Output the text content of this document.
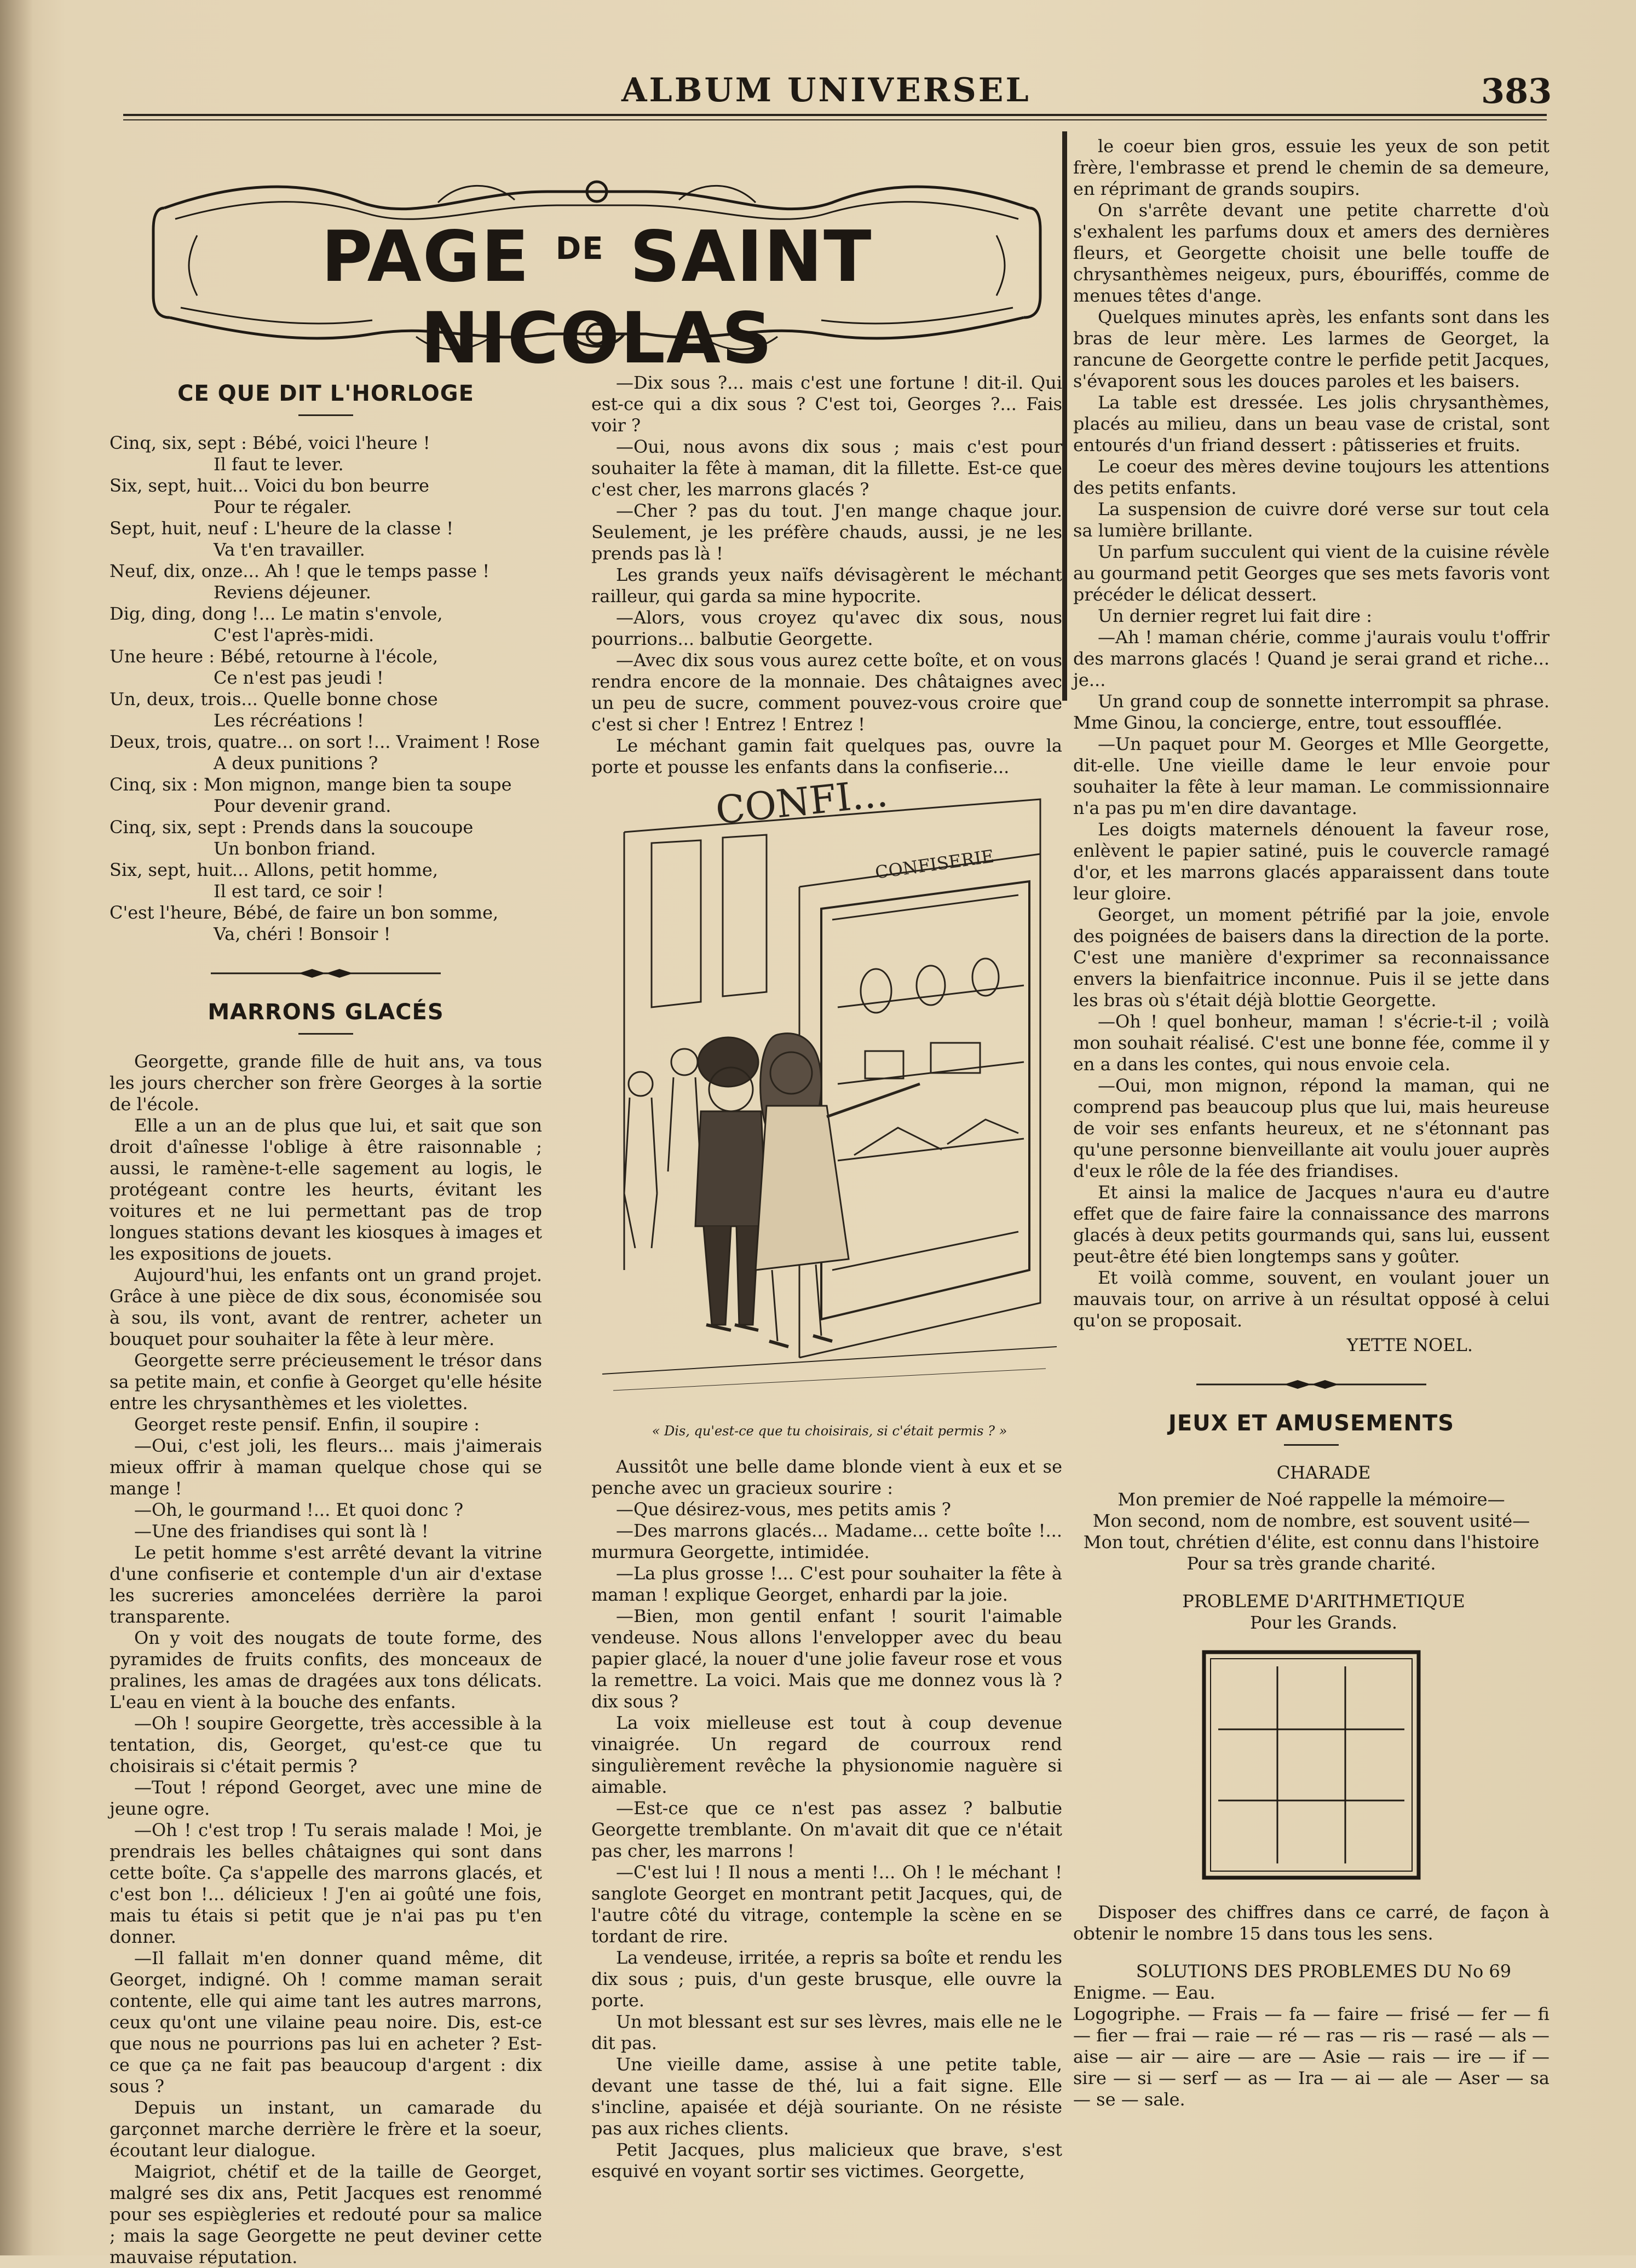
ALBUM UNIVERSEL	383
PAGE $^{DE}$ SAINT NICOLAS
CE QUE DIT L'HORLOGE

Cinq, six, sept : Bébé, voici l'heure !

Il faut te lever.

Six, sept, huit... Voici du bon beurre

Pour te régaler.

Sept, huit, neuf : L'heure de la classe !

Va t'en travailler.

Neuf, dix, onze... Ah ! que le temps passe !

Reviens déjeuner.

Dig, ding, dong !... Le matin s'envole,

C'est l'après-midi.

Une heure : Bébé, retourne à l'école,

Ce n'est pas jeudi !

Un, deux, trois... Quelle bonne chose

Les récréations !

Deux, trois, quatre... on sort !... Vraiment ! Rose

A deux punitions ?

Cinq, six : Mon mignon, mange bien ta soupe

Pour devenir grand.

Cinq, six, sept : Prends dans la soucoupe

Un bonbon friand.

Six, sept, huit... Allons, petit homme,

Il est tard, ce soir !

C'est l'heure, Bébé, de faire un bon somme,

Va, chéri ! Bonsoir !

MARRONS GLACÉS

Georgette, grande fille de huit ans, va tous les jours chercher son frère Georges à la sortie de l'école.

Elle a un an de plus que lui, et sait que son droit d'aînesse l'oblige à être raisonnable ; aussi, le ramène-t-elle sagement au logis, le protégeant contre les heurts, évitant les voitures et ne lui permettant pas de trop longues stations devant les kiosques à images et les expositions de jouets.

Aujourd'hui, les enfants ont un grand projet. Grâce à une pièce de dix sous, économisée sou à sou, ils vont, avant de rentrer, acheter un bouquet pour souhaiter la fête à leur mère.

Georgette serre précieusement le trésor dans sa petite main, et confie à Georget qu'elle hésite entre les chrysanthèmes et les violettes.

Georget reste pensif. Enfin, il soupire :

—Oui, c'est joli, les fleurs... mais j'aimerais mieux offrir à maman quelque chose qui se mange !

—Oh, le gourmand !... Et quoi donc ?

—Une des friandises qui sont là !

Le petit homme s'est arrêté devant la vitrine d'une confiserie et contemple d'un air d'extase les sucreries amoncelées derrière la paroi transparente.

On y voit des nougats de toute forme, des pyramides de fruits confits, des monceaux de pralines, les amas de dragées aux tons délicats. L'eau en vient à la bouche des enfants.

—Oh ! soupire Georgette, très accessible à la tentation, dis, Georget, qu'est-ce que tu choisirais si c'était permis ?

—Tout ! répond Georget, avec une mine de jeune ogre.

—Oh ! c'est trop ! Tu serais malade ! Moi, je prendrais les belles châtaignes qui sont dans cette boîte. Ça s'appelle des marrons glacés, et c'est bon !... délicieux ! J'en ai goûté une fois, mais tu étais si petit que je n'ai pas pu t'en donner.

—Il fallait m'en donner quand même, dit Georget, indigné. Oh ! comme maman serait contente, elle qui aime tant les autres marrons, ceux qu'ont une vilaine peau noire. Dis, est-ce que nous ne pourrions pas lui en acheter ? Est-ce que ça ne fait pas beaucoup d'argent : dix sous ?

Depuis un instant, un camarade du garçonnet marche derrière le frère et la soeur, écoutant leur dialogue.

Maigriot, chétif et de la taille de Georget, malgré ses dix ans, Petit Jacques est renommé pour ses espiègleries et redouté pour sa malice ; mais la sage Georgette ne peut deviner cette mauvaise réputation.

—Dix sous ?... mais c'est une fortune ! dit-il. Qui est-ce qui a dix sous ? C'est toi, Georges ?... Fais voir ?

—Oui, nous avons dix sous ; mais c'est pour souhaiter la fête à maman, dit la fillette. Est-ce que c'est cher, les marrons glacés ?

—Cher ? pas du tout. J'en mange chaque jour. Seulement, je les préfère chauds, aussi, je ne les prends pas là !

Les grands yeux naïfs dévisagèrent le méchant railleur, qui garda sa mine hypocrite.

—Alors, vous croyez qu'avec dix sous, nous pourrions... balbutie Georgette.

—Avec dix sous vous aurez cette boîte, et on vous rendra encore de la monnaie. Des châtaignes avec un peu de sucre, comment pouvez-vous croire que c'est si cher ! Entrez ! Entrez !

Le méchant gamin fait quelques pas, ouvre la porte et pousse les enfants dans la confiserie...

CONFI...
CONFISERIE
« Dis, qu'est-ce que tu choisirais, si c'était permis ? »

Aussitôt une belle dame blonde vient à eux et se penche avec un gracieux sourire :

—Que désirez-vous, mes petits amis ?

—Des marrons glacés... Madame... cette boîte !... murmura Georgette, intimidée.

—La plus grosse !... C'est pour souhaiter la fête à maman ! explique Georget, enhardi par la joie.

—Bien, mon gentil enfant ! sourit l'aimable vendeuse. Nous allons l'envelopper avec du beau papier glacé, la nouer d'une jolie faveur rose et vous la remettre. La voici. Mais que me donnez vous là ? dix sous ?

La voix mielleuse est tout à coup devenue vinaigrée. Un regard de courroux rend singulièrement revêche la physionomie naguère si aimable.

—Est-ce que ce n'est pas assez ? balbutie Georgette tremblante. On m'avait dit que ce n'était pas cher, les marrons !

—C'est lui ! Il nous a menti !... Oh ! le méchant ! sanglote Georget en montrant petit Jacques, qui, de l'autre côté du vitrage, contemple la scène en se tordant de rire.

La vendeuse, irritée, a repris sa boîte et rendu les dix sous ; puis, d'un geste brusque, elle ouvre la porte.

Un mot blessant est sur ses lèvres, mais elle ne le dit pas.

Une vieille dame, assise à une petite table, devant une tasse de thé, lui a fait signe. Elle s'incline, apaisée et déjà souriante. On ne résiste pas aux riches clients.

Petit Jacques, plus malicieux que brave, s'est esquivé en voyant sortir ses victimes. Georgette,

le coeur bien gros, essuie les yeux de son petit frère, l'embrasse et prend le chemin de sa demeure, en réprimant de grands soupirs.

On s'arrête devant une petite charrette d'où s'exhalent les parfums doux et amers des dernières fleurs, et Georgette choisit une belle touffe de chrysanthèmes neigeux, purs, ébouriffés, comme de menues têtes d'ange.

Quelques minutes après, les enfants sont dans les bras de leur mère. Les larmes de Georget, la rancune de Georgette contre le perfide petit Jacques, s'évaporent sous les douces paroles et les baisers.

La table est dressée. Les jolis chrysanthèmes, placés au milieu, dans un beau vase de cristal, sont entourés d'un friand dessert : pâtisseries et fruits.

Le coeur des mères devine toujours les attentions des petits enfants.

La suspension de cuivre doré verse sur tout cela sa lumière brillante.

Un parfum succulent qui vient de la cuisine révèle au gourmand petit Georges que ses mets favoris vont précéder le délicat dessert.

Un dernier regret lui fait dire :

—Ah ! maman chérie, comme j'aurais voulu t'offrir des marrons glacés ! Quand je serai grand et riche... je...

Un grand coup de sonnette interrompit sa phrase. Mme Ginou, la concierge, entre, tout essoufflée.

—Un paquet pour M. Georges et Mlle Georgette, dit-elle. Une vieille dame le leur envoie pour souhaiter la fête à leur maman. Le commissionnaire n'a pas pu m'en dire davantage.

Les doigts maternels dénouent la faveur rose, enlèvent le papier satiné, puis le couvercle ramagé d'or, et les marrons glacés apparaissent dans toute leur gloire.

Georget, un moment pétrifié par la joie, envole des poignées de baisers dans la direction de la porte. C'est une manière d'exprimer sa reconnaissance envers la bienfaitrice inconnue. Puis il se jette dans les bras où s'était déjà blottie Georgette.

—Oh ! quel bonheur, maman ! s'écrie-t-il ; voilà mon souhait réalisé. C'est une bonne fée, comme il y en a dans les contes, qui nous envoie cela.

—Oui, mon mignon, répond la maman, qui ne comprend pas beaucoup plus que lui, mais heureuse de voir ses enfants heureux, et ne s'étonnant pas qu'une personne bienveillante ait voulu jouer auprès d'eux le rôle de la fée des friandises.

Et ainsi la malice de Jacques n'aura eu d'autre effet que de faire faire la connaissance des marrons glacés à deux petits gourmands qui, sans lui, eussent peut-être été bien longtemps sans y goûter.

Et voilà comme, souvent, en voulant jouer un mauvais tour, on arrive à un résultat opposé à celui qu'on se proposait.

YETTE NOEL.
JEUX ET AMUSEMENTS

CHARADE

Mon premier de Noé rappelle la mémoire—

Mon second, nom de nombre, est souvent usité—

Mon tout, chrétien d'élite, est connu dans l'histoire

Pour sa très grande charité.

PROBLEME D'ARITHMETIQUE

Pour les Grands.

Disposer des chiffres dans ce carré, de façon à obtenir le nombre 15 dans tous les sens.

SOLUTIONS DES PROBLEMES DU No 69

Enigme. — Eau.

Logogriphe. — Frais — fa — faire — frisé — fer — fi — fier — frai — raie — ré — ras — ris — rasé — als — aise — air — aire — are — Asie — rais — ire — if — sire — si — serf — as — Ira — ai — ale — Aser — sa — se — sale.
